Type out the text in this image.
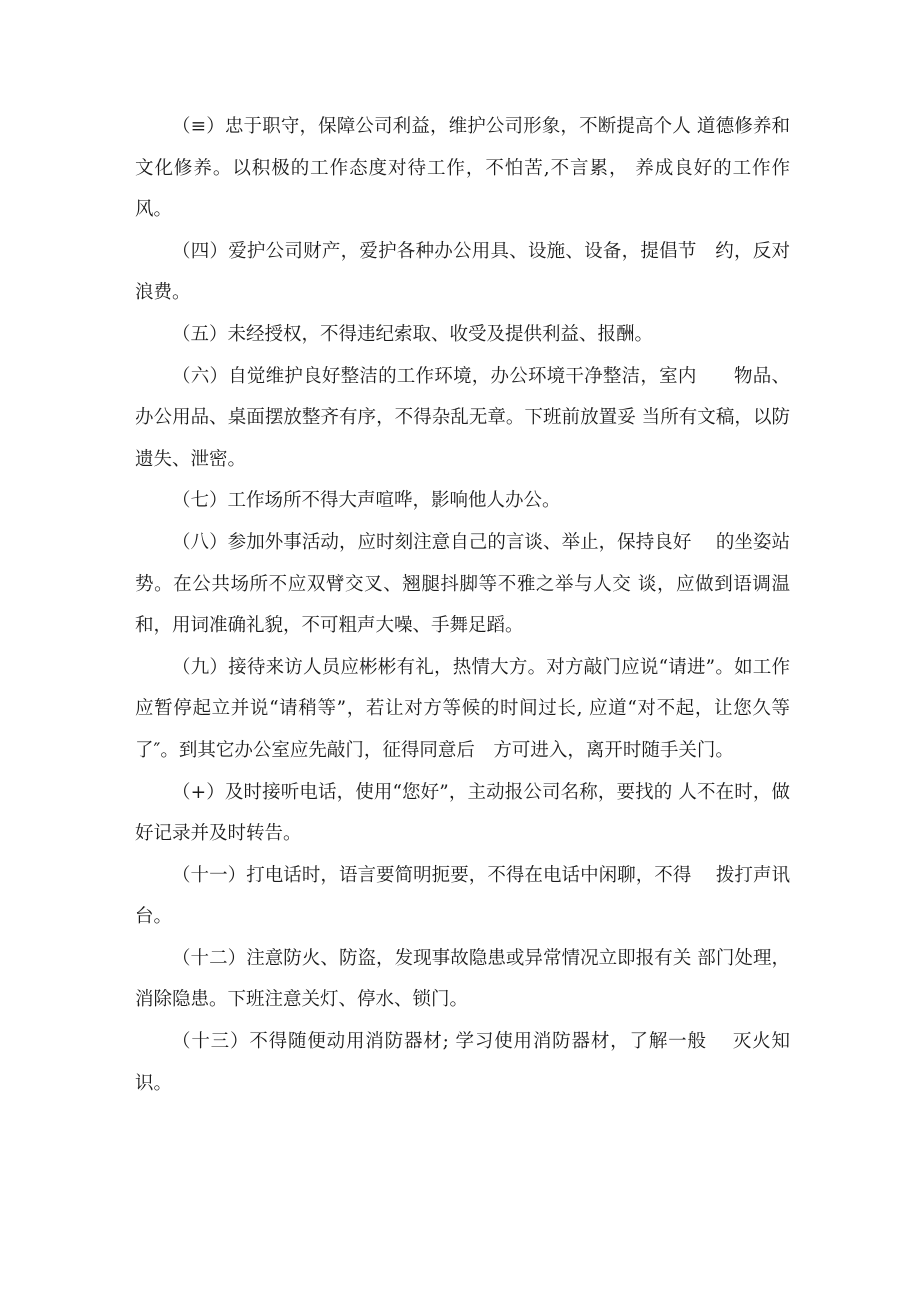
（≡）忠于职守，保障公司利益，维护公司形象，不断提高个人 道德修养和文化修养。以积极的工作态度对待工作，不怕苦,不言累， 养成良好的工作作风。

（四）爱护公司财产，爱护各种办公用具、设施、设备，提倡节　约，反对浪费。

（五）未经授权，不得违纪索取、收受及提供利益、报酬。

（六）自觉维护良好整洁的工作环境，办公环境干净整洁，室内　　物品、办公用品、桌面摆放整齐有序，不得杂乱无章。下班前放置妥 当所有文稿，以防遗失、泄密。

（七）工作场所不得大声喧哗，影响他人办公。

（八）参加外事活动，应时刻注意自己的言谈、举止，保持良好　 的坐姿站势。在公共场所不应双臂交叉、翘腿抖脚等不雅之举与人交 谈，应做到语调温和，用词准确礼貌，不可粗声大噪、手舞足蹈。

（九）接待来访人员应彬彬有礼，热情大方。对方敲门应说“请进”。如工作应暂停起立并说“请稍等”，若让对方等候的时间过长, 应道“对不起，让您久等了″。到其它办公室应先敲门，征得同意后　方可进入，离开时随手关门。

（+）及时接听电话，使用“您好”，主动报公司名称，要找的 人不在时，做好记录并及时转告。

（十一）打电话时，语言要简明扼要，不得在电话中闲聊，不得　 拨打声讯台。

（十二）注意防火、防盗，发现事故隐患或异常情况立即报有关 部门处理，消除隐患。下班注意关灯、停水、锁门。

（十三）不得随便动用消防器材; 学习使用消防器材，了解一般　 灭火知识。
